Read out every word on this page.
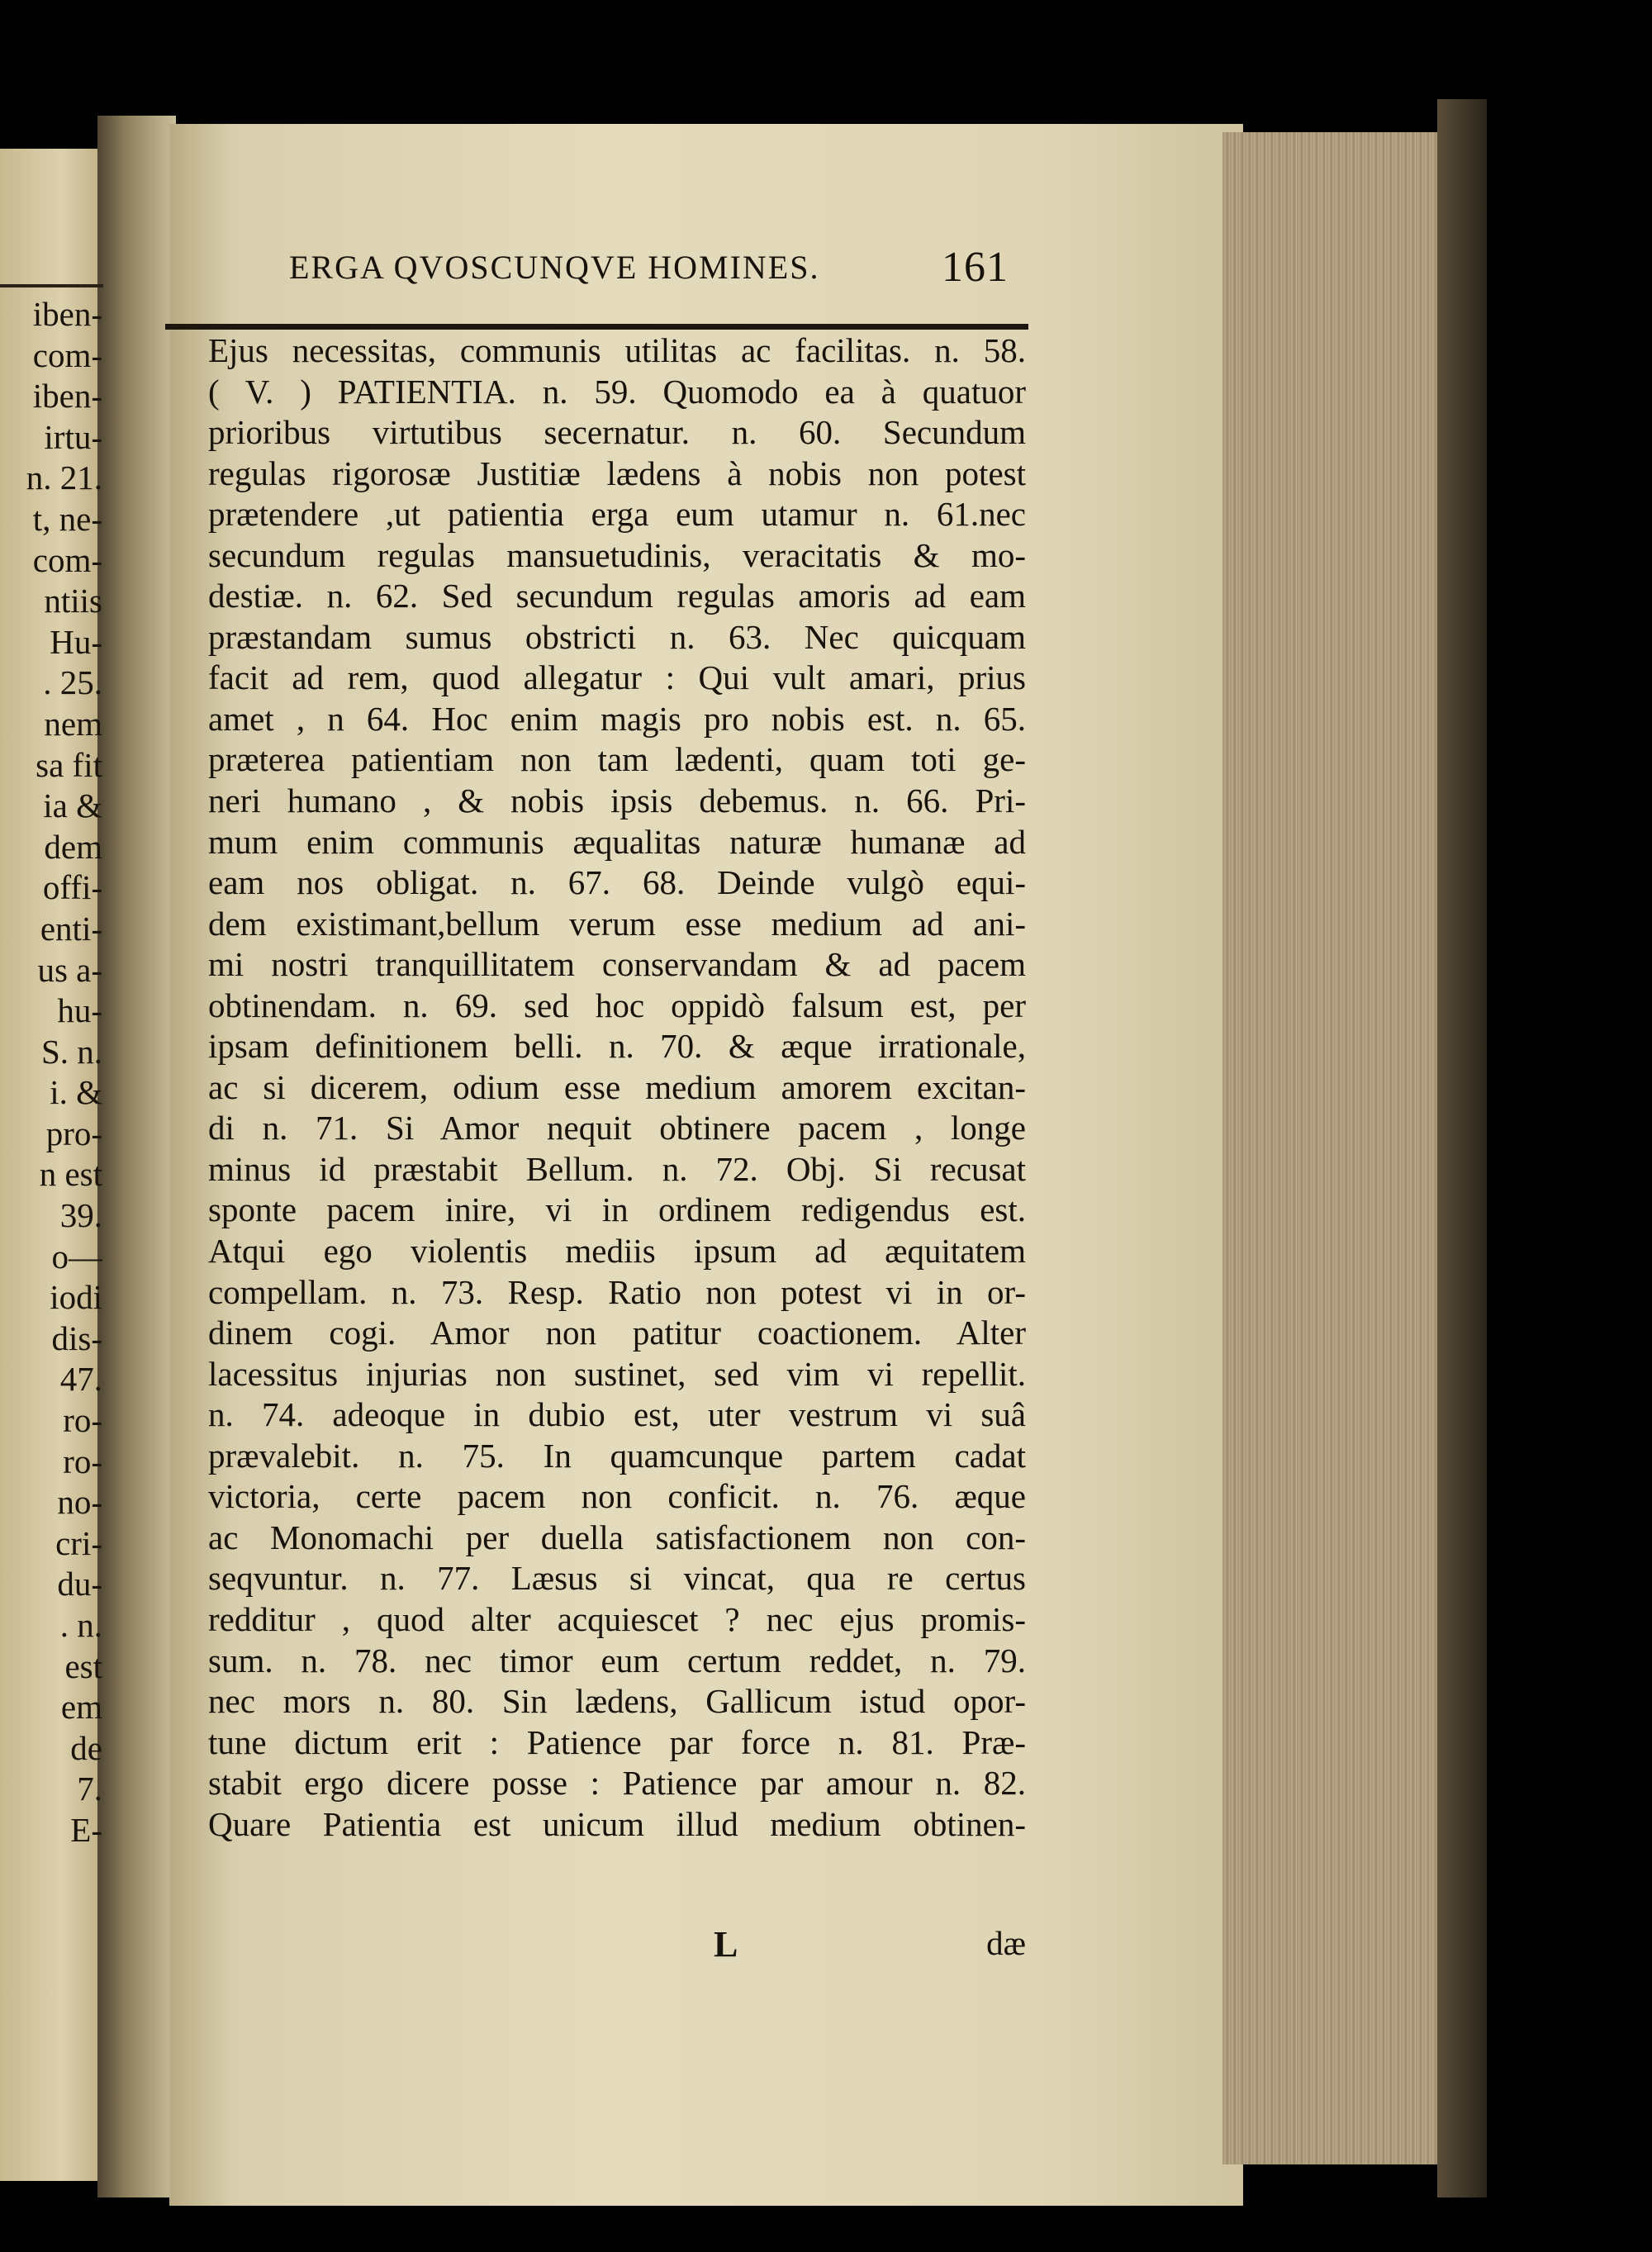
iben-
com-
iben-
irtu-
n. 21.
t, ne-
com-
ntiis
Hu-
. 25.
nem
sa fit
ia &
dem
offi-
enti-
us a-
hu-
S. n.
i. &
pro-
n est
39.
o—
iodi
dis-
47.
ro-
ro-
no-
cri-
du-
. n.
est
em
de
7.
E-
ERGA QVOSCUNQVE HOMINES.	161
Ejus necessitas, communis utilitas ac facilitas. n. 58.
( V. ) PATIENTIA. n. 59. Quomodo ea à quatuor
prioribus virtutibus secernatur. n. 60. Secundum
regulas rigorosæ Justitiæ lædens à nobis non potest
prætendere ,ut patientia erga eum utamur n. 61.nec
secundum regulas mansuetudinis, veracitatis & mo-
destiæ. n. 62. Sed secundum regulas amoris ad eam
præstandam sumus obstricti n. 63. Nec quicquam
facit ad rem, quod allegatur : Qui vult amari, prius
amet , n 64. Hoc enim magis pro nobis est. n. 65.
præterea patientiam non tam lædenti, quam toti ge-
neri humano , & nobis ipsis debemus. n. 66. Pri-
mum enim communis æqualitas naturæ humanæ ad
eam nos obligat. n. 67. 68. Deinde vulgò equi-
dem existimant,bellum verum esse medium ad ani-
mi nostri tranquillitatem conservandam & ad pacem
obtinendam. n. 69. sed hoc oppidò falsum est, per
ipsam definitionem belli. n. 70. & æque irrationale,
ac si dicerem, odium esse medium amorem excitan-
di n. 71. Si Amor nequit obtinere pacem , longe
minus id præstabit Bellum. n. 72. Obj. Si recusat
sponte pacem inire, vi in ordinem redigendus est.
Atqui ego violentis mediis ipsum ad æquitatem
compellam. n. 73. Resp. Ratio non potest vi in or-
dinem cogi. Amor non patitur coactionem. Alter
lacessitus injurias non sustinet, sed vim vi repellit.
n. 74. adeoque in dubio est, uter vestrum vi suâ
prævalebit. n. 75. In quamcunque partem cadat
victoria, certe pacem non conficit. n. 76. æque
ac Monomachi per duella satisfactionem non con-
seqvuntur. n. 77. Læsus si vincat, qua re certus
redditur , quod alter acquiescet ? nec ejus promis-
sum. n. 78. nec timor eum certum reddet, n. 79.
nec mors n. 80. Sin lædens, Gallicum istud opor-
tune dictum erit : Patience par force n. 81. Præ-
stabit ergo dicere posse : Patience par amour n. 82.
Quare Patientia est unicum illud medium obtinen-
L	dæ
